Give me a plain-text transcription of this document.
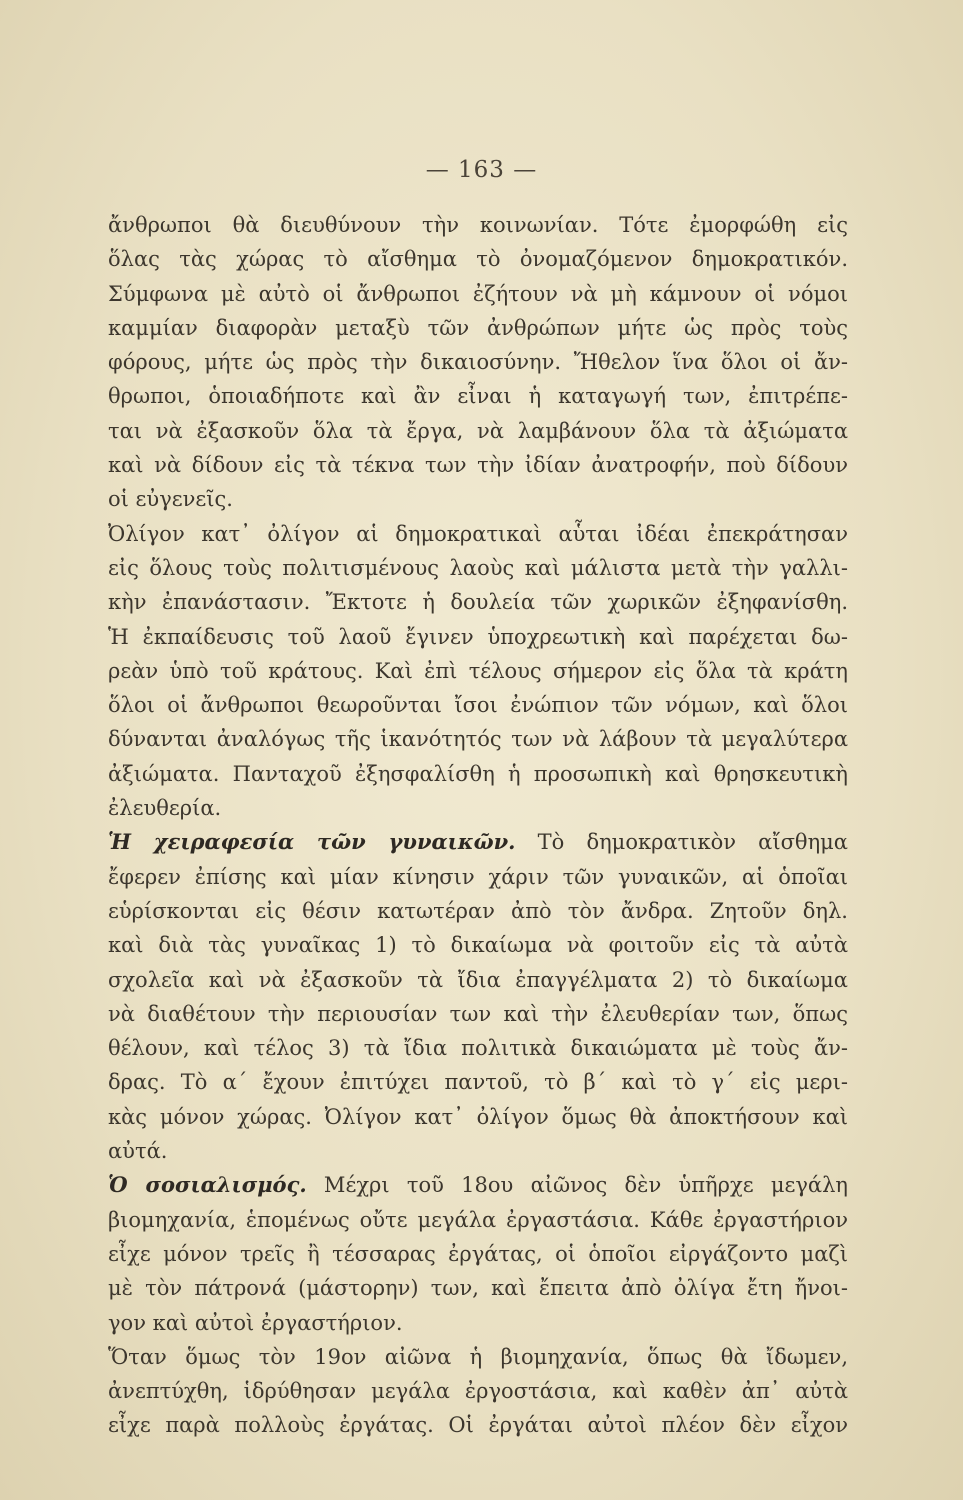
— 163 —
ἄνθρωποι θὰ διευθύνουν τὴν κοινωνίαν. Τότε ἐμορφώθη εἰς
ὅλας τὰς χώρας τὸ αἴσθημα τὸ ὀνομαζόμενον δημοκρατικόν.
Σύμφωνα μὲ αὐτὸ οἱ ἄνθρωποι ἐζήτουν νὰ μὴ κάμνουν οἱ νόμοι
καμμίαν διαφορὰν μεταξὺ τῶν ἀνθρώπων μήτε ὡς πρὸς τοὺς
φόρους, μήτε ὡς πρὸς τὴν δικαιοσύνην. Ἤθελον ἵνα ὅλοι οἱ ἄν-
θρωποι, ὁποιαδήποτε καὶ ἂν εἶναι ἡ καταγωγή των, ἐπιτρέπε-
ται νὰ ἐξασκοῦν ὅλα τὰ ἔργα, νὰ λαμβάνουν ὅλα τὰ ἀξιώματα
καὶ νὰ δίδουν εἰς τὰ τέκνα των τὴν ἰδίαν ἀνατροφήν, ποὺ δίδουν
οἱ εὐγενεῖς.
Ὀλίγον κατ᾽ ὀλίγον αἱ δημοκρατικαὶ αὗται ἰδέαι ἐπεκράτησαν
εἰς ὅλους τοὺς πολιτισμένους λαοὺς καὶ μάλιστα μετὰ τὴν γαλλι-
κὴν ἐπανάστασιν. Ἔκτοτε ἡ δουλεία τῶν χωρικῶν ἐξηφανίσθη.
Ἡ ἐκπαίδευσις τοῦ λαοῦ ἔγινεν ὑποχρεωτικὴ καὶ παρέχεται δω-
ρεὰν ὑπὸ τοῦ κράτους. Καὶ ἐπὶ τέλους σήμερον εἰς ὅλα τὰ κράτη
ὅλοι οἱ ἄνθρωποι θεωροῦνται ἴσοι ἐνώπιον τῶν νόμων, καὶ ὅλοι
δύνανται ἀναλόγως τῆς ἱκανότητός των νὰ λάβουν τὰ μεγαλύτερα
ἀξιώματα. Πανταχοῦ ἐξησφαλίσθη ἡ προσωπικὴ καὶ θρησκευτικὴ
ἐλευθερία.
Ἡ χειραφεσία τῶν γυναικῶν. Τὸ δημοκρατικὸν αἴσθημα
ἔφερεν ἐπίσης καὶ μίαν κίνησιν χάριν τῶν γυναικῶν, αἱ ὁποῖαι
εὑρίσκονται εἰς θέσιν κατωτέραν ἀπὸ τὸν ἄνδρα. Ζητοῦν δηλ.
καὶ διὰ τὰς γυναῖκας 1) τὸ δικαίωμα νὰ φοιτοῦν εἰς τὰ αὐτὰ
σχολεῖα καὶ νὰ ἐξασκοῦν τὰ ἴδια ἐπαγγέλματα 2) τὸ δικαίωμα
νὰ διαθέτουν τὴν περιουσίαν των καὶ τὴν ἐλευθερίαν των, ὅπως
θέλουν, καὶ τέλος 3) τὰ ἴδια πολιτικὰ δικαιώματα μὲ τοὺς ἄν-
δρας. Τὸ α´ ἔχουν ἐπιτύχει παντοῦ, τὸ β´ καὶ τὸ γ´ εἰς μερι-
κὰς μόνον χώρας. Ὀλίγον κατ᾽ ὀλίγον ὅμως θὰ ἀποκτήσουν καὶ
αὐτά.
Ὁ σοσιαλισμός. Μέχρι τοῦ 18ου αἰῶνος δὲν ὑπῆρχε μεγάλη
βιομηχανία, ἑπομένως οὔτε μεγάλα ἐργαστάσια. Κάθε ἐργαστήριον
εἶχε μόνον τρεῖς ἢ τέσσαρας ἐργάτας, οἱ ὁποῖοι εἰργάζοντο μαζὶ
μὲ τὸν πάτρονά (μάστορην) των, καὶ ἔπειτα ἀπὸ ὀλίγα ἔτη ἤνοι-
γον καὶ αὐτοὶ ἐργαστήριον.
Ὅταν ὅμως τὸν 19ον αἰῶνα ἡ βιομηχανία, ὅπως θὰ ἴδωμεν,
ἀνεπτύχθη, ἱδρύθησαν μεγάλα ἐργοστάσια, καὶ καθὲν ἀπ᾽ αὐτὰ
εἶχε παρὰ πολλοὺς ἐργάτας. Οἱ ἐργάται αὐτοὶ πλέον δὲν εἶχον
